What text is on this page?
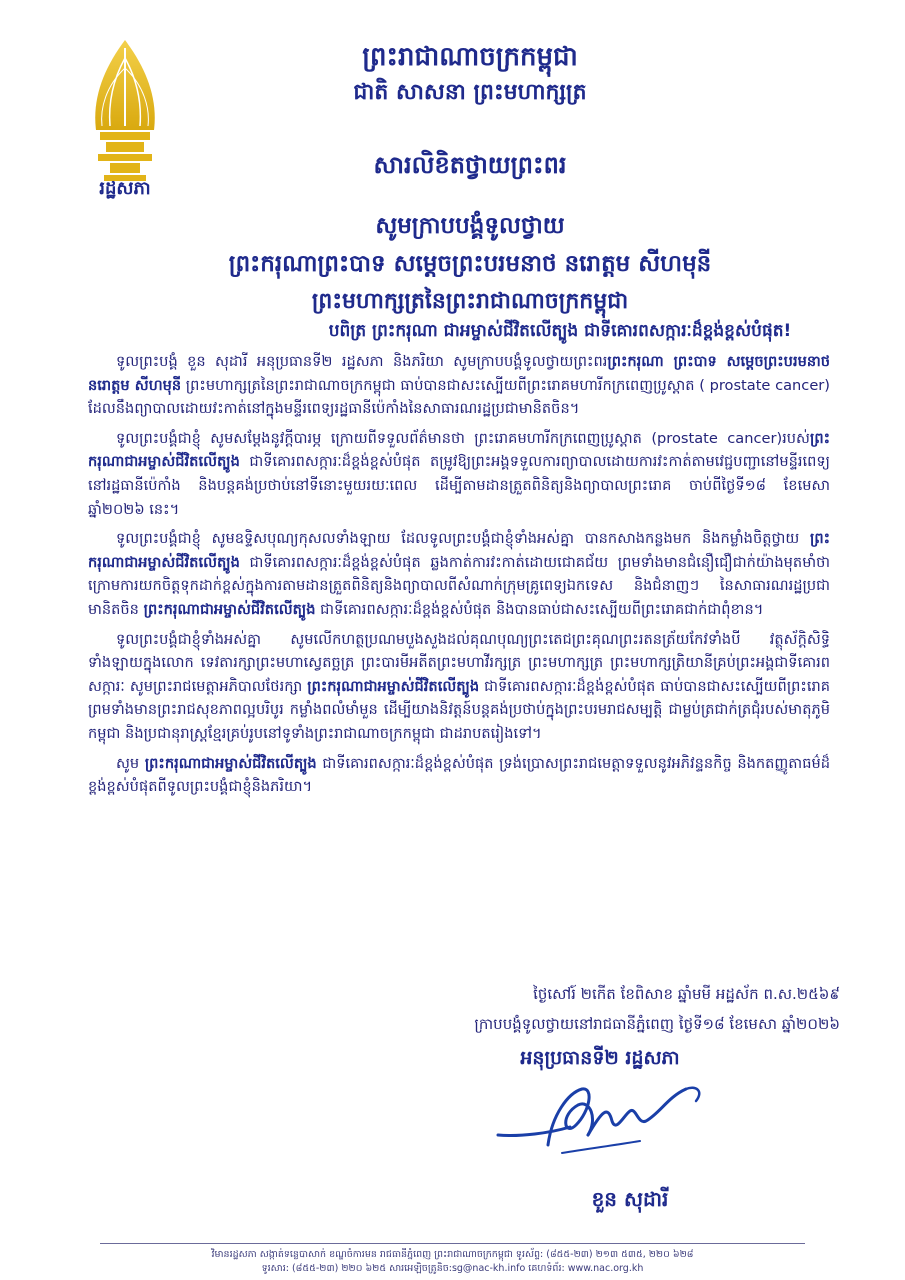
រដ្ឋសភា
ព្រះរាជាណាចក្រកម្ពុជា
ជាតិ សាសនា ព្រះមហាក្សត្រ
សារលិខិតថ្វាយព្រះពរ
សូមក្រាបបង្គំទូលថ្វាយ
ព្រះករុណាព្រះបាទ សម្តេចព្រះបរមនាថ នរោត្តម សីហមុនី
ព្រះមហាក្សត្រនៃព្រះរាជាណាចក្រកម្ពុជា
បពិត្រ ព្រះករុណា ជាអម្ចាស់ជីវិតលើត្បូង ជាទីគោរពសក្ការៈដ៏ខ្ពង់ខ្ពស់បំផុត!

ទូលព្រះបង្គំ ខួន សុដារី អនុប្រធានទី២ រដ្ឋសភា និងភរិយា សូមក្រាបបង្គំទូលថ្វាយព្រះពរព្រះករុណា ព្រះបាទ សម្តេចព្រះបរមនាថ នរោត្តម សីហមុនី ព្រះមហាក្សត្រនៃព្រះរាជាណាចក្រកម្ពុជា ធាប់បានជាសះស្បើយពីព្រះរោគមហារីកក្រពេញប្រូស្តាត ( prostate cancer) ដែលនឹងព្យាបាលដោយវះកាត់នៅក្នុងមន្ទីរពេទ្យរដ្ឋធានីប៉េកាំងនៃសាធារណរដ្ឋប្រជាមានិតចិន។

ទូលព្រះបង្គំជាខ្ញុំ សូមសម្តែងនូវក្តីបារម្ភ ក្រោយពីទទួលព័ត៌មានថា ព្រះរោគមហារីកក្រពេញប្រូស្តាត (prostate cancer)របស់ព្រះករុណាជាអម្ចាស់ជីវិតលើត្បូង ជាទីគោរពសក្ការៈដ៏ខ្ពង់ខ្ពស់បំផុត តម្រូវឱ្យព្រះអង្គទទួលការព្យាបាលដោយការវះកាត់តាមវេជ្ជបញ្ជានៅមន្ទីរពេទ្យនៅរដ្ឋធានីប៉េកាំង និងបន្តគង់ប្រថាប់នៅទីនោះមួយរយៈពេល ដើម្បីតាមដានត្រួតពិនិត្យនិងព្យាបាលព្រះរោគ ចាប់ពីថ្ងៃទី១៨ ខែមេសា ឆ្នាំ២០២៦ នេះ។

ទូលព្រះបង្គំជាខ្ញុំ សូមឧទ្ទិសបុណ្យកុសលទាំងឡាយ ដែលទូលព្រះបង្គំជាខ្ញុំទាំងអស់គ្នា បានកសាងកន្លងមក និងកម្លាំងចិត្តថ្វាយ ព្រះករុណាជាអម្ចាស់ជីវិតលើត្បូង ជាទីគោរពសក្ការៈដ៏ខ្ពង់ខ្ពស់បំផុត ឆ្លងកាត់ការវះកាត់ដោយជោគជ័យ ព្រមទាំងមានជំនឿជឿជាក់យ៉ាងមុតមាំថា ក្រោមការយកចិត្តទុកដាក់ខ្ពស់ក្នុងការតាមដានត្រួតពិនិត្យនិងព្យាបាលពីសំណាក់ក្រុមគ្រូពេទ្យឯកទេស និងជំនាញៗ នៃសាធារណរដ្ឋប្រជាមានិតចិន ព្រះករុណាជាអម្ចាស់ជីវិតលើត្បូង ជាទីគោរពសក្ការៈដ៏ខ្ពង់ខ្ពស់បំផុត និងបានធាប់ជាសះស្បើយពីព្រះរោគជាក់ជាពុំខាន។

ទូលព្រះបង្គំជាខ្ញុំទាំងអស់គ្នា សូមលើកហត្ថប្រណមបួងសួងដល់គុណបុណ្យព្រះតេជព្រះគុណព្រះរតនត្រ័យកែវទាំងបី វត្ថុស័ក្តិសិទ្ធិទាំងឡាយក្នុងលោក ទេវតារក្សាព្រះមហាស្វេតច្ឆត្រ ព្រះបារមីអតីតព្រះមហាវីរក្សត្រ ព្រះមហាក្សត្រ ព្រះមហាក្សត្រិយានីគ្រប់ព្រះអង្គជាទីគោរពសក្ការៈ សូមព្រះរាជមេត្តាអភិបាលថែរក្សា ព្រះករុណាជាអម្ចាស់ជីវិតលើត្បូង ជាទីគោរពសក្ការៈដ៏ខ្ពង់ខ្ពស់បំផុត ធាប់បានជាសះស្បើយពីព្រះរោគ ព្រមទាំងមានព្រះរាជសុខភាពល្អបរិបូរ កម្លាំងពលំមាំមួន ដើម្បីយាងនិវត្តន៍បន្តគង់ប្រថាប់ក្នុងព្រះបរមរាជសម្បត្តិ ជាម្លប់ត្រជាក់ត្រជុំរបស់មាតុភូមិកម្ពុជា និងប្រជានុរាស្ត្រខ្មែរគ្រប់រូបនៅទូទាំងព្រះរាជាណាចក្រកម្ពុជា ជាដរាបតរៀងទៅ។

សូម ព្រះករុណាជាអម្ចាស់ជីវិតលើត្បូង ជាទីគោរពសក្ការៈដ៏ខ្ពង់ខ្ពស់បំផុត ទ្រង់ប្រោសព្រះរាជមេត្តាទទួលនូវអភិវន្ទនកិច្ច និងកតញ្ញូតាធម៌ដ៏ខ្ពង់ខ្ពស់បំផុតពីទូលព្រះបង្គំជាខ្ញុំនិងភរិយា។

ថ្ងៃសៅរ៍ ២កើត ខែពិសាខ ឆ្នាំមមី អដ្ឋស័ក ព.ស.២៥៦៩
ក្រាបបង្គំទូលថ្វាយនៅរាជធានីភ្នំពេញ ថ្ងៃទី១៨ ខែមេសា ឆ្នាំ២០២៦
អនុប្រធានទី២ រដ្ឋសភា
ខួន សុដារី
វិមានរដ្ឋសភា សង្កាត់ទន្លេបាសាក់ ខណ្ឌចំការមន រាជធានីភ្នំពេញ ព្រះរាជាណាចក្រកម្ពុជា ទូរស័ព្ទ: (៨៥៥-២៣) ២១៣ ៥៣៥, ២២០ ៦២៨
ទូរសារ: (៨៥៥-២៣) ២២០ ៦២៥ សារអេឡិចត្រូនិច:sg@nac-kh.info គេហទំព័រ: www.nac.org.kh
